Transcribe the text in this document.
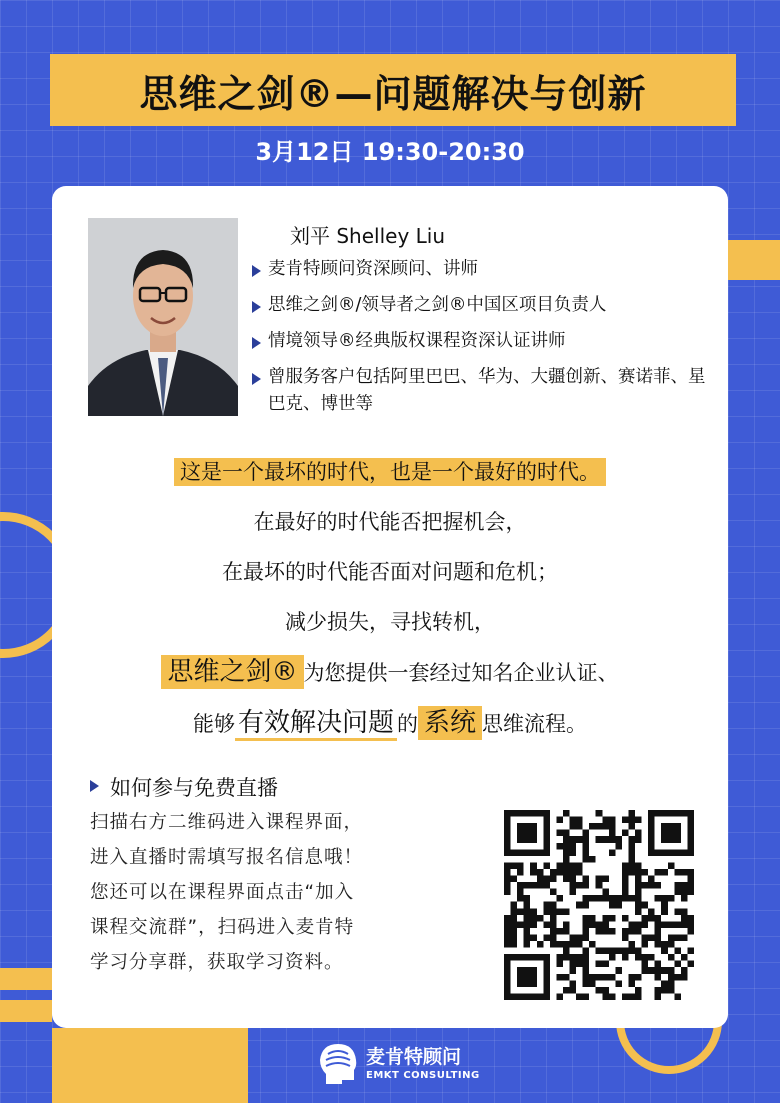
思维之剑®—问题解决与创新
3月12日 19:30-20:30
刘平 Shelley Liu
麦肯特顾问资深顾问、讲师
思维之剑®/领导者之剑®中国区项目负责人
情境领导®经典版权课程资深认证讲师
曾服务客户包括阿里巴巴、华为、大疆创新、赛诺菲、星巴克、博世等
这是一个最坏的时代，也是一个最好的时代。
在最好的时代能否把握机会，
在最坏的时代能否面对问题和危机；
减少损失，寻找转机，
思维之剑® 为您提供一套经过知名企业认证、
能够 有效解决问题 的 系统 思维流程。
如何参与免费直播
扫描右方二维码进入课程界面，
进入直播时需填写报名信息哦！
您还可以在课程界面点击“加入
课程交流群”，扫码进入麦肯特
学习分享群，获取学习资料。
麦肯特顾问
EMKT CONSULTING
